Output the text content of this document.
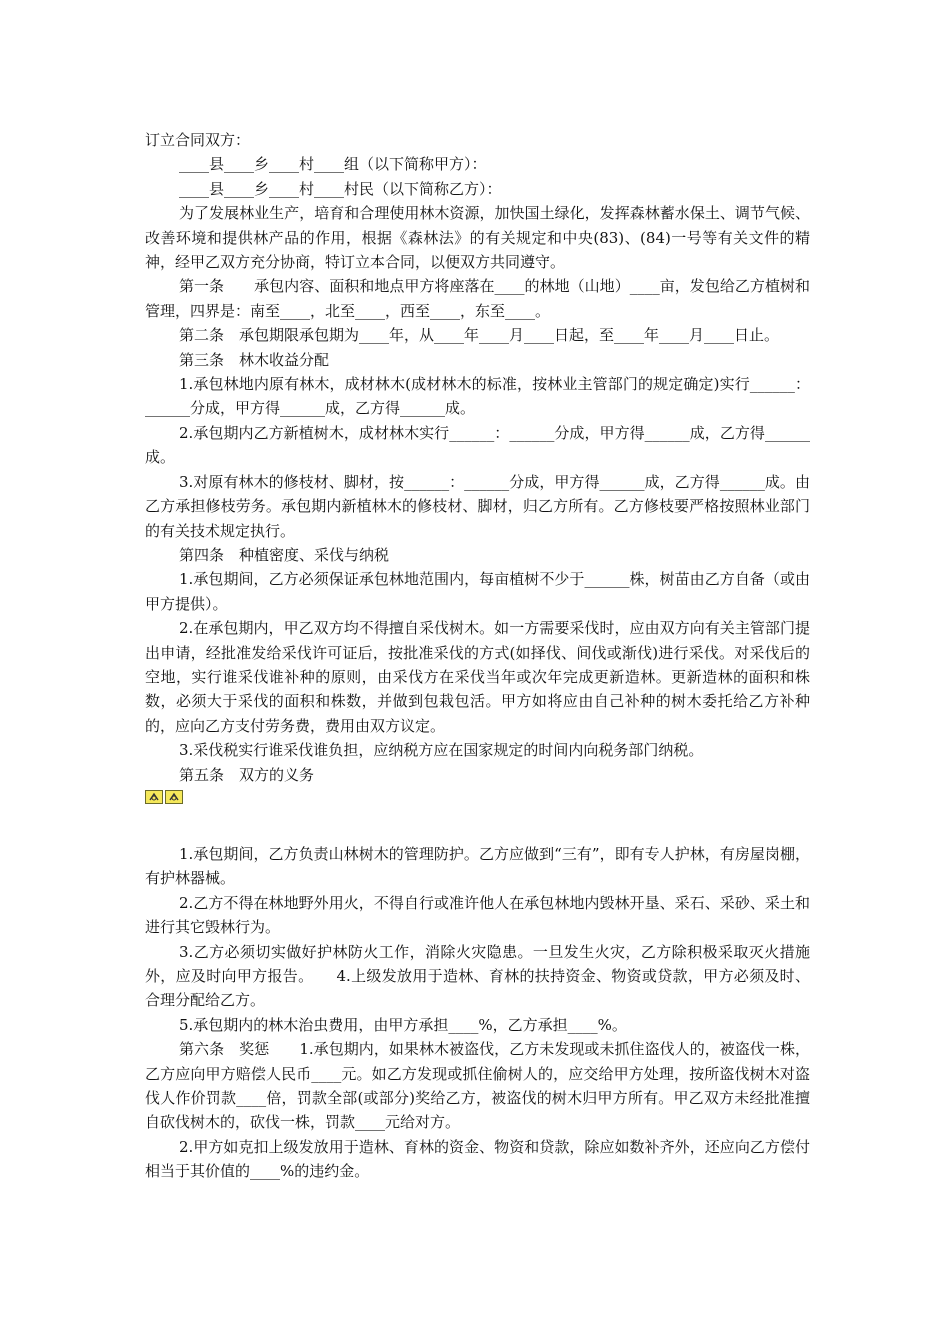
订立合同双方：

____县____乡____村____组（以下简称甲方）：

____县____乡____村____村民（以下简称乙方）：

为了发展林业生产，培育和合理使用林木资源，加快国土绿化，发挥森林蓄水保土、调节气候、改善环境和提供林产品的作用，根据《森林法》的有关规定和中央(83)、(84)一号等有关文件的精神，经甲乙双方充分协商，特订立本合同，以便双方共同遵守。

第一条　　承包内容、面积和地点甲方将座落在____的林地（山地）____亩，发包给乙方植树和管理，四界是：南至____，北至____，西至____，东至____。

第二条　承包期限承包期为____年，从____年____月____日起，至____年____月____日止。

第三条　林木收益分配

1.承包林地内原有林木，成材林木(成材林木的标准，按林业主管部门的规定确定)实行______：______分成，甲方得______成，乙方得______成。

2.承包期内乙方新植树木，成材林木实行______：______分成，甲方得______成，乙方得______成。

3.对原有林木的修枝材、脚材，按______：______分成，甲方得______成，乙方得______成。由乙方承担修枝劳务。承包期内新植林木的修枝材、脚材，归乙方所有。乙方修枝要严格按照林业部门的有关技术规定执行。

第四条　种植密度、采伐与纳税

1.承包期间，乙方必须保证承包林地范围内，每亩植树不少于______株，树苗由乙方自备（或由甲方提供）。

2.在承包期内，甲乙双方均不得擅自采伐树木。如一方需要采伐时，应由双方向有关主管部门提出申请，经批准发给采伐许可证后，按批准采伐的方式(如择伐、间伐或渐伐)进行采伐。对采伐后的空地，实行谁采伐谁补种的原则，由采伐方在采伐当年或次年完成更新造林。更新造林的面积和株数，必须大于采伐的面积和株数，并做到包栽包活。甲方如将应由自己补种的树木委托给乙方补种的，应向乙方支付劳务费，费用由双方议定。

3.采伐税实行谁采伐谁负担，应纳税方应在国家规定的时间内向税务部门纳税。

第五条　双方的义务

1.承包期间，乙方负责山林树木的管理防护。乙方应做到“三有”，即有专人护林，有房屋岗棚，有护林器械。

2.乙方不得在林地野外用火，不得自行或准许他人在承包林地内毁林开垦、采石、采砂、采土和进行其它毁林行为。

3.乙方必须切实做好护林防火工作，消除火灾隐患。一旦发生火灾，乙方除积极采取灭火措施外，应及时向甲方报告。　　4.上级发放用于造林、育林的扶持资金、物资或贷款，甲方必须及时、合理分配给乙方。

5.承包期内的林木治虫费用，由甲方承担____%，乙方承担____%。

第六条　奖惩　　1.承包期内，如果林木被盗伐，乙方未发现或未抓住盗伐人的，被盗伐一株，乙方应向甲方赔偿人民币____元。如乙方发现或抓住偷树人的，应交给甲方处理，按所盗伐树木对盗伐人作价罚款____倍，罚款全部(或部分)奖给乙方，被盗伐的树木归甲方所有。甲乙双方未经批准擅自砍伐树木的，砍伐一株，罚款____元给对方。

2.甲方如克扣上级发放用于造林、育林的资金、物资和贷款，除应如数补齐外，还应向乙方偿付相当于其价值的____%的违约金。
